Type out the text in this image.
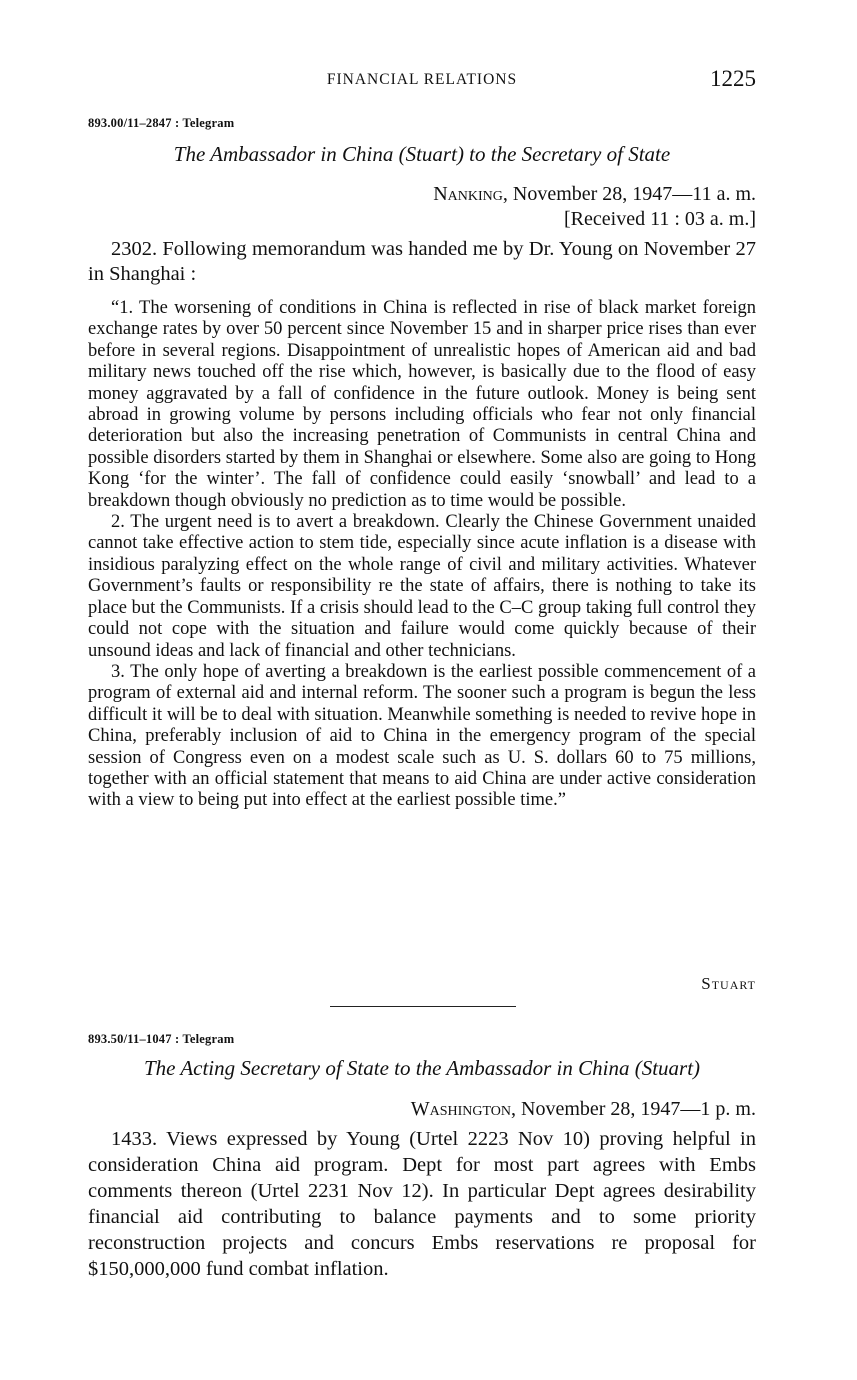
FINANCIAL RELATIONS	1225
893.00/11–2847 : Telegram
The Ambassador in China (Stuart) to the Secretary of State
Nanking, November 28, 1947—11 a. m.
[Received 11 : 03 a. m.]

2302. Following memorandum was handed me by Dr. Young on November 27 in Shanghai :

“1. The worsening of conditions in China is reflected in rise of black market foreign exchange rates by over 50 percent since November 15 and in sharper price rises than ever before in several regions. Disappointment of unrealistic hopes of American aid and bad military news touched off the rise which, however, is basically due to the flood of easy money aggravated by a fall of confidence in the future outlook. Money is being sent abroad in growing volume by persons including officials who fear not only financial deterioration but also the increasing penetration of Communists in central China and possible disorders started by them in Shanghai or elsewhere. Some also are going to Hong Kong ‘for the winter’. The fall of confidence could easily ‘snowball’ and lead to a breakdown though obviously no prediction as to time would be possible.

2. The urgent need is to avert a breakdown. Clearly the Chinese Government unaided cannot take effective action to stem tide, especially since acute inflation is a disease with insidious paralyzing effect on the whole range of civil and military activities. Whatever Government’s faults or responsibility re the state of affairs, there is nothing to take its place but the Communists. If a crisis should lead to the C–C group taking full control they could not cope with the situation and failure would come quickly because of their unsound ideas and lack of financial and other technicians.

3. The only hope of averting a breakdown is the earliest possible commencement of a program of external aid and internal reform. The sooner such a program is begun the less difficult it will be to deal with situation. Meanwhile something is needed to revive hope in China, preferably inclusion of aid to China in the emergency program of the special session of Congress even on a modest scale such as U. S. dollars 60 to 75 millions, together with an official statement that means to aid China are under active consideration with a view to being put into effect at the earliest possible time.”

Stuart
893.50/11–1047 : Telegram
The Acting Secretary of State to the Ambassador in China (Stuart)
Washington, November 28, 1947—1 p. m.

1433. Views expressed by Young (Urtel 2223 Nov 10) proving helpful in consideration China aid program. Dept for most part agrees with Embs comments thereon (Urtel 2231 Nov 12). In particular Dept agrees desirability financial aid contributing to balance payments and to some priority reconstruction projects and concurs Embs reservations re proposal for $150,000,000 fund combat inflation.
